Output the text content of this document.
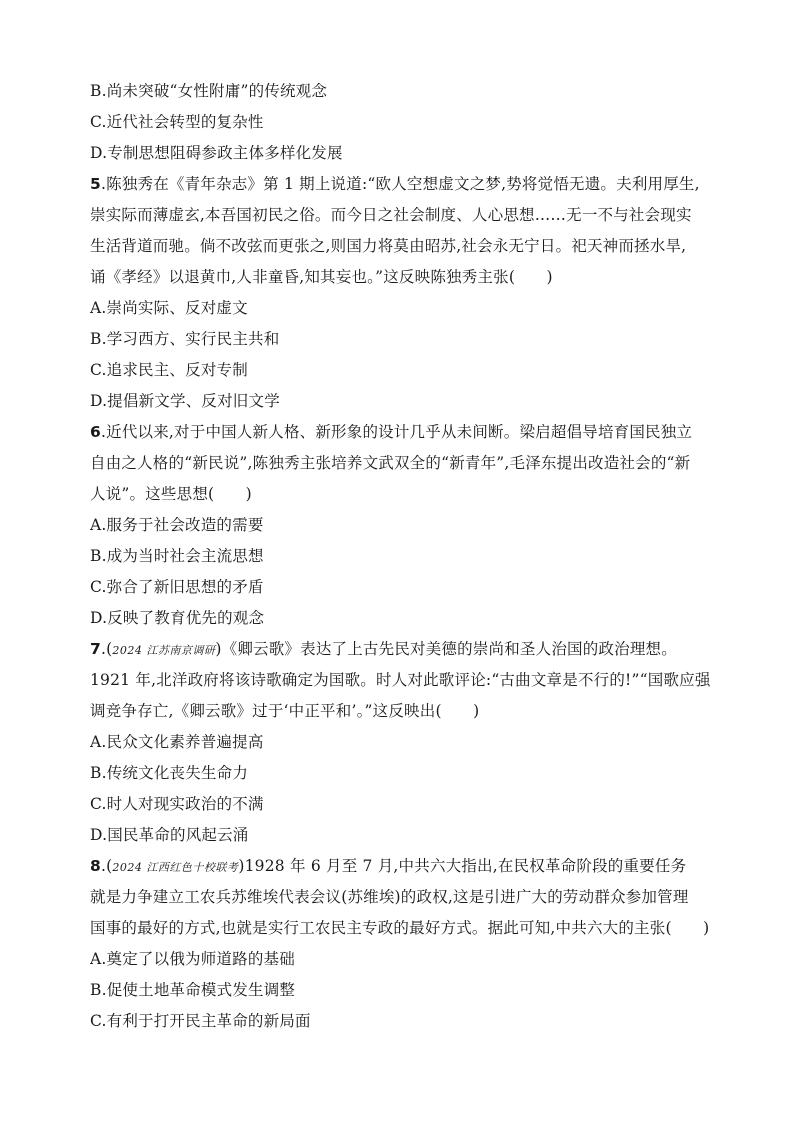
B.尚未突破“女性附庸”的传统观念
C.近代社会转型的复杂性
D.专制思想阻碍参政主体多样化发展
5.陈独秀在《青年杂志》第 1 期上说道:“欧人空想虚文之梦,势将觉悟无遗。夫利用厚生,
崇实际而薄虚玄,本吾国初民之俗。而今日之社会制度、人心思想……无一不与社会现实
生活背道而驰。倘不改弦而更张之,则国力将莫由昭苏,社会永无宁日。祀天神而拯水旱,
诵《孝经》以退黄巾,人非童昏,知其妄也。”这反映陈独秀主张(　　)
A.崇尚实际、反对虚文
B.学习西方、实行民主共和
C.追求民主、反对专制
D.提倡新文学、反对旧文学
6.近代以来,对于中国人新人格、新形象的设计几乎从未间断。梁启超倡导培育国民独立
自由之人格的“新民说”,陈独秀主张培养文武双全的“新青年”,毛泽东提出改造社会的“新
人说”。这些思想(　　)
A.服务于社会改造的需要
B.成为当时社会主流思想
C.弥合了新旧思想的矛盾
D.反映了教育优先的观念
7.(2024 江苏南京调研)《卿云歌》表达了上古先民对美德的崇尚和圣人治国的政治理想。
1921 年,北洋政府将该诗歌确定为国歌。时人对此歌评论:“古曲文章是不行的!”“国歌应强
调竞争存亡,《卿云歌》过于‘中正平和’。”这反映出(　　)
A.民众文化素养普遍提高
B.传统文化丧失生命力
C.时人对现实政治的不满
D.国民革命的风起云涌
8.(2024 江西红色十校联考)1928 年 6 月至 7 月,中共六大指出,在民权革命阶段的重要任务
就是力争建立工农兵苏维埃代表会议(苏维埃)的政权,这是引进广大的劳动群众参加管理
国事的最好的方式,也就是实行工农民主专政的最好方式。据此可知,中共六大的主张(　　)
A.奠定了以俄为师道路的基础
B.促使土地革命模式发生调整
C.有利于打开民主革命的新局面
